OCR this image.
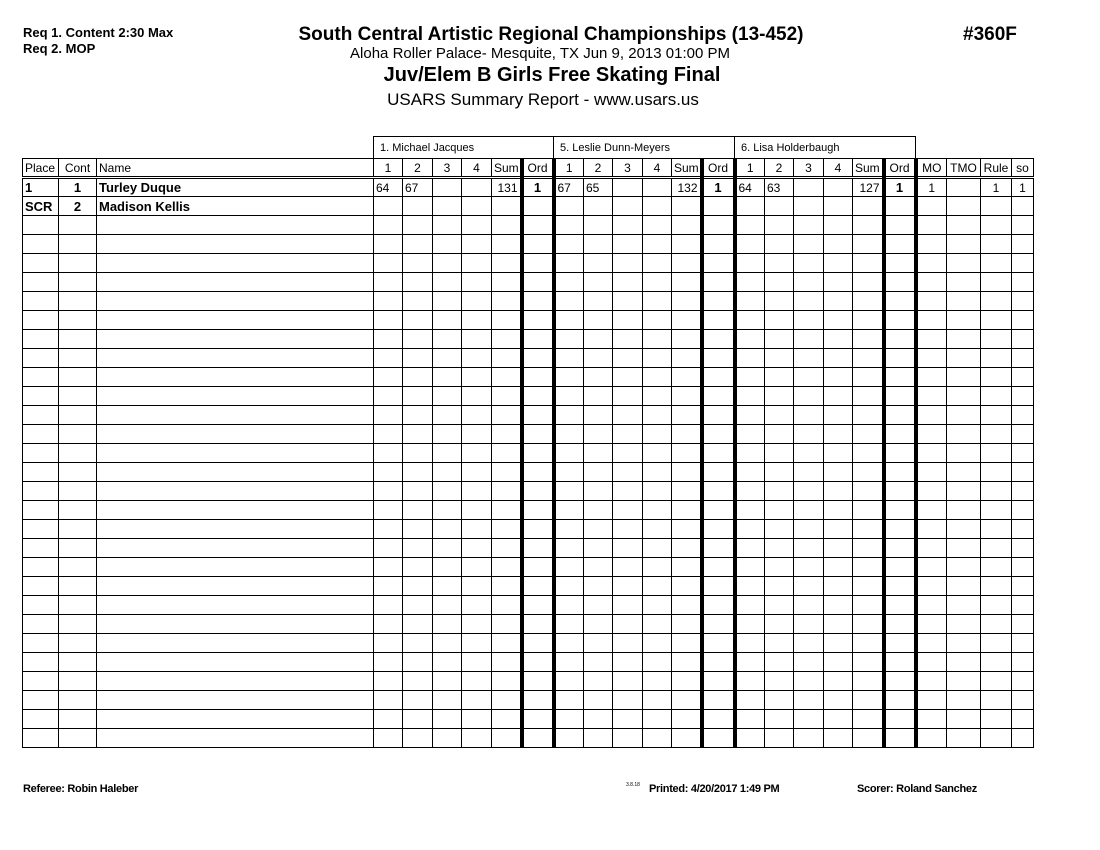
Req 1. Content 2:30 Max
Req 2. MOP
South Central Artistic Regional Championships (13-452)
Aloha Roller Palace- Mesquite, TX Jun 9, 2013 01:00 PM
Juv/Elem B Girls Free Skating Final
USARS Summary Report - www.usars.us
#360F
1. Michael Jacques	5. Leslie Dunn-Meyers	6. Lisa Holderbaugh
Place	Cont	Name	1	2	3	4	Sum	Ord	1	2	3	4	Sum	Ord	1	2	3	4	Sum	Ord	MO	TMO	Rule	so
1	1	Turley Duque	64	67			131	1	67	65			132	1	64	63			127	1	1		1	1
SCR	2	Madison Kellis																						

Referee: Robin Haleber	3.8.18 Printed: 4/20/2017 1:49 PM	Scorer: Roland Sanchez
